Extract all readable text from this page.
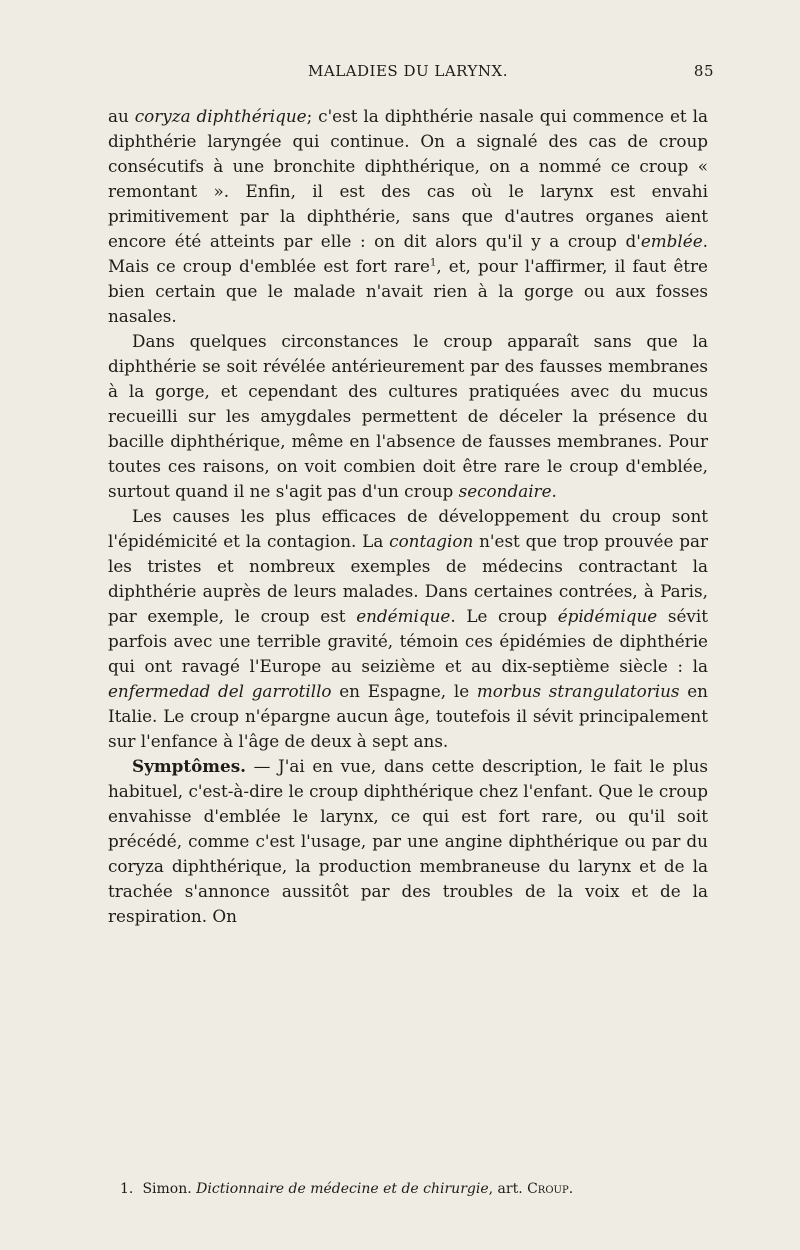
MALADIES DU LARYNX.	85

au coryza diphthérique; c'est la diphthérie nasale qui commence et la diphthérie laryngée qui continue. On a signalé des cas de croup consécutifs à une bronchite diphthérique, on a nommé ce croup « remontant ». Enfin, il est des cas où le larynx est envahi primitivement par la diphthérie, sans que d'autres organes aient encore été atteints par elle : on dit alors qu'il y a croup d'emblée. Mais ce croup d'emblée est fort rare$^1$, et, pour l'affirmer, il faut être bien certain que le malade n'avait rien à la gorge ou aux fosses nasales.

Dans quelques circonstances le croup apparaît sans que la diphthérie se soit révélée antérieurement par des fausses membranes à la gorge, et cependant des cultures pratiquées avec du mucus recueilli sur les amygdales permettent de déceler la présence du bacille diphthérique, même en l'absence de fausses membranes. Pour toutes ces raisons, on voit combien doit être rare le croup d'emblée, surtout quand il ne s'agit pas d'un croup secondaire.

Les causes les plus efficaces de développement du croup sont l'épidémicité et la contagion. La contagion n'est que trop prouvée par les tristes et nombreux exemples de médecins contractant la diphthérie auprès de leurs malades. Dans certaines contrées, à Paris, par exemple, le croup est endémique. Le croup épidémique sévit parfois avec une terrible gravité, témoin ces épidémies de diphthérie qui ont ravagé l'Europe au seizième et au dix-septième siècle : la enfermedad del garrotillo en Espagne, le morbus strangulatorius en Italie. Le croup n'épargne aucun âge, toutefois il sévit principalement sur l'enfance à l'âge de deux à sept ans.

Symptômes. — J'ai en vue, dans cette description, le fait le plus habituel, c'est-à-dire le croup diphthérique chez l'enfant. Que le croup envahisse d'emblée le larynx, ce qui est fort rare, ou qu'il soit précédé, comme c'est l'usage, par une angine diphthérique ou par du coryza diphthérique, la production membraneuse du larynx et de la trachée s'annonce aussitôt par des troubles de la voix et de la respiration. On

1. Simon. Dictionnaire de médecine et de chirurgie, art. Croup.
